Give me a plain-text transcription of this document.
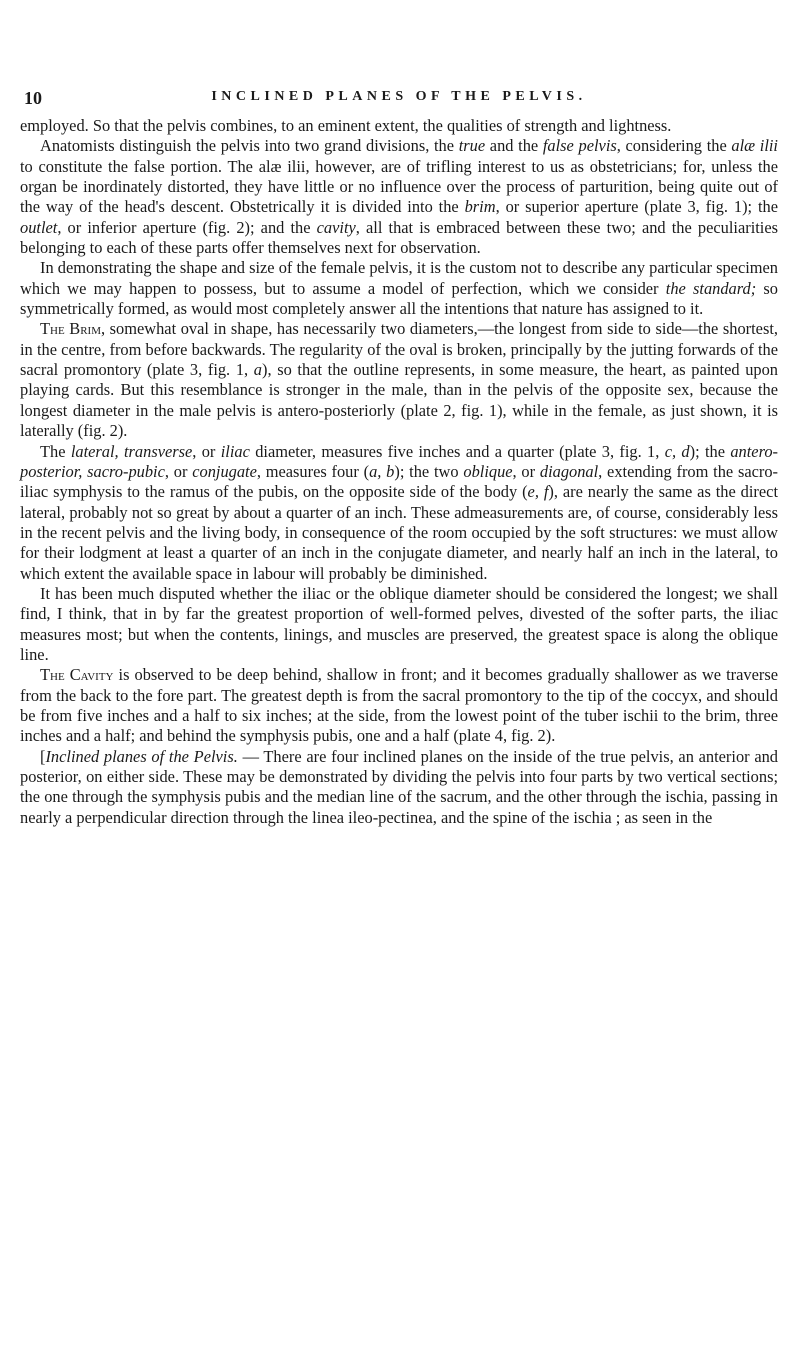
10	INCLINED PLANES OF THE PELVIS.

employed. So that the pelvis combines, to an eminent extent, the qualities of strength and lightness.

Anatomists distinguish the pelvis into two grand divisions, the true and the false pelvis, considering the alæ ilii to constitute the false portion. The alæ ilii, however, are of trifling interest to us as obstetricians; for, unless the organ be inordinately distorted, they have little or no influence over the process of parturition, being quite out of the way of the head's descent. Obstetrically it is divided into the brim, or superior aperture (plate 3, fig. 1); the outlet, or inferior aperture (fig. 2); and the cavity, all that is embraced between these two; and the peculiarities belonging to each of these parts offer themselves next for observation.

In demonstrating the shape and size of the female pelvis, it is the custom not to describe any particular specimen which we may happen to possess, but to assume a model of perfection, which we consider the standard; so symmetrically formed, as would most completely answer all the intentions that nature has assigned to it.

The Brim, somewhat oval in shape, has necessarily two diameters,—the longest from side to side—the shortest, in the centre, from before backwards. The regularity of the oval is broken, principally by the jutting forwards of the sacral promontory (plate 3, fig. 1, a), so that the outline represents, in some measure, the heart, as painted upon playing cards. But this resemblance is stronger in the male, than in the pelvis of the opposite sex, because the longest diameter in the male pelvis is antero-posteriorly (plate 2, fig. 1), while in the female, as just shown, it is laterally (fig. 2).

The lateral, transverse, or iliac diameter, measures five inches and a quarter (plate 3, fig. 1, c, d); the antero-posterior, sacro-pubic, or conjugate, measures four (a, b); the two oblique, or diagonal, extending from the sacro-iliac symphysis to the ramus of the pubis, on the opposite side of the body (e, f), are nearly the same as the direct lateral, probably not so great by about a quarter of an inch. These admeasurements are, of course, considerably less in the recent pelvis and the living body, in consequence of the room occupied by the soft structures: we must allow for their lodgment at least a quarter of an inch in the conjugate diameter, and nearly half an inch in the lateral, to which extent the available space in labour will probably be diminished.

It has been much disputed whether the iliac or the oblique diameter should be considered the longest; we shall find, I think, that in by far the greatest proportion of well-formed pelves, divested of the softer parts, the iliac measures most; but when the contents, linings, and muscles are preserved, the greatest space is along the oblique line.

The Cavity is observed to be deep behind, shallow in front; and it becomes gradually shallower as we traverse from the back to the fore part. The greatest depth is from the sacral promontory to the tip of the coccyx, and should be from five inches and a half to six inches; at the side, from the lowest point of the tuber ischii to the brim, three inches and a half; and behind the symphysis pubis, one and a half (plate 4, fig. 2).

[Inclined planes of the Pelvis. — There are four inclined planes on the inside of the true pelvis, an anterior and posterior, on either side. These may be demonstrated by dividing the pelvis into four parts by two vertical sections; the one through the symphysis pubis and the median line of the sacrum, and the other through the ischia, passing in nearly a perpendicular direction through the linea ileo-pectinea, and the spine of the ischia ; as seen in the
